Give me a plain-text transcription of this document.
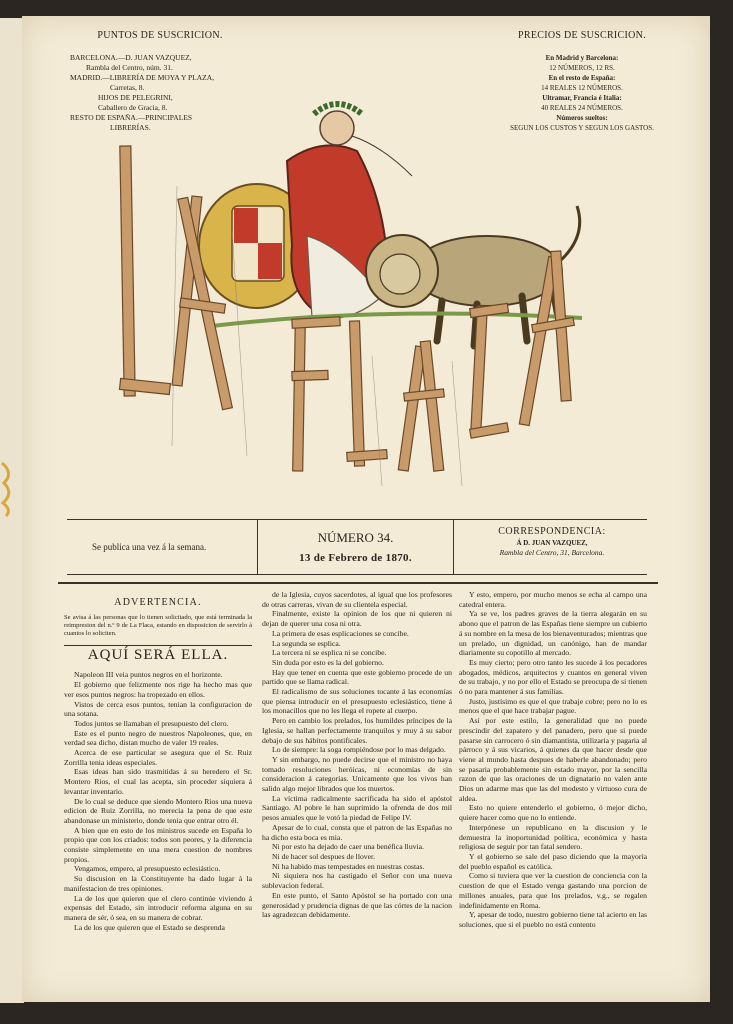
PUNTOS DE SUSCRICION.
BARCELONA.—D. JUAN VAZQUEZ,
Rambla del Centro, núm. 31.
MADRID.—LIBRERÍA DE MOYA Y PLAZA,
Carretas, 8.
HIJOS DE PELEGRINI,
Caballero de Gracia, 8.
RESTO DE ESPAÑA.—PRINCIPALES
LIBRERÍAS.
PRECIOS DE SUSCRICION.
En Madrid y Barcelona:
12 NÚMEROS, 12 RS.
En el resto de España:
14 REALES 12 NÚMEROS.
Ultramar, Francia é Italia:
40 REALES 24 NÚMEROS.
Números sueltos:
SEGUN LOS CUSTOS Y SEGUN LOS GASTOS.
Se publica una vez á la semana.
NÚMERO 34.
13 de Febrero de 1870.
CORRESPONDENCIA:
Á D. JUAN VAZQUEZ,
Rambla del Centro, 31, Barcelona.
ADVERTENCIA.
Se avisa á las personas que lo tienen solicitado, que está terminada la reimpresion del n.º 9 de La Flaca, estando en disposicion de servirlo á cuantos lo soliciten.
AQUÍ SERÁ ELLA.

Napoleon III veia puntos negros en el horizonte.

El gobierno que felizmente nos rige ha hecho mas que ver esos puntos negros: ha tropezado en ellos.

Vistos de cerca esos puntos, tenian la configuracion de una sotana.

Todos juntos se llamaban el presupuesto del clero.

Este es el punto negro de nuestros Napoleones, que, en verdad sea dicho, distan mucho de valer 19 reales.

Acerca de ese particular se asegura que el Sr. Ruiz Zorrilla tenia ideas especiales.

Esas ideas han sido trasmitidas á su heredero el Sr. Montero Rios, el cual las acepta, sin proceder siquiera á levantar inventario.

De lo cual se deduce que siendo Montero Rios una nueva edicion de Ruiz Zorrilla, no merecia la pena de que este abandonase un ministerio, donde tenia que entrar otro él.

A bien que en esto de los ministros sucede en España lo propio que con los criados: todos son peores, y la diferencia consiste simplemente en una mera cuestion de nombres propios.

Vengamos, empero, al presupuesto eclesiástico.

Su discusion en la Constituyente ha dado lugar á la manifestacion de tres opiniones.

La de los que quieren que el clero continúe viviendo á expensas del Estado, sin introducir reforma alguna en su manera de sér, ó sea, en su manera de cobrar.

La de los que quieren que el Estado se desprenda

de la Iglesia, cuyos sacerdotes, al igual que los profesores de otras carreras, vivan de su clientela especial.

Finalmente, existe la opinion de los que ni quieren ni dejan de querer una cosa ni otra.

La primera de esas esplicaciones se concibe.

La segunda se esplica.

La tercera ni se esplica ni se concibe.

Sin duda por esto es la del gobierno.

Hay que tener en cuenta que este gobierno procede de un partido que se llama radical.

El radicalismo de sus soluciones tocante á las economías que piensa introducir en el presupuesto eclesiástico, tiene á los monacillos que no les llega el ropete al cuerpo.

Pero en cambio los prelados, los humildes príncipes de la Iglesia, se hallan perfectamente tranquilos y muy á su sabor debajo de sus hábitos pontificales.

Lo de siempre: la soga rompiéndose por lo mas delgado.

Y sin embargo, no puede decirse que el ministro no haya tomado resoluciones heróicas, ni economías de sin consideracion á categorías. Unicamente que los vivos han salido algo mejor librados que los muertos.

La víctima radicalmente sacrificada ha sido el apóstol Santiago. Al pobre le han suprimido la ofrenda de dos mil pesos anuales que le votó la piedad de Felipe IV.

Apesar de lo cual, consta que el patron de las Españas no ha dicho esta boca es mia.

Ni por esto ha dejado de caer una benéfica lluvia.

Ni de hacer sol despues de llover.

Ni ha habido mas tempestades en nuestras costas.

Ni siquiera nos ha castigado el Señor con una nueva sublevacion federal.

En este punto, el Santo Apóstol se ha portado con una generosidad y prudencia dignas de que las córtes de la nacion las agradezcan debidamente.

Y esto, empero, por mucho menos se echa al campo una catedral entera.

Ya se ve, los padres graves de la tierra alegarán en su abono que el patron de las Españas tiene siempre un cubierto á su nombre en la mesa de los bienaventurados; mientras que un prelado, un dignidad, un canónigo, han de mandar diariamente su copotillo al mercado.

Es muy cierto; pero otro tanto les sucede á los pecadores abogados, médicos, arquitectos y cuantos en general viven de su trabajo, y no por ello el Estado se preocupa de si tienen ó no para mantener á sus familias.

Justo, justísimo es que el que trabaje cobre; pero no lo es menos que el que hace trabajar pague.

Así por este estilo, la generalidad que no puede prescindir del zapatero y del panadero, pero que si puede pasarse sin carrocero ó sin diamantista, utilizaria y pagaria al párroco y á sus vicarios, á quienes da que hacer desde que viene al mundo hasta despues de haberle abandonado; pero se pasaria probablemente sin estado mayor, por la sencilla razon de que las oraciones de un dignatario no valen ante Dios un adarme mas que las del modesto y virtuoso cura de aldea.

Esto no quiere entenderlo el gobierno, ó mejor dicho, quiere hacer como que no lo entiende.

Interpónese un republicano en la discusion y le demuestra la inoportunidad política, económica y hasta religiosa de seguir por tan fatal sendero.

Y el gobierno se sale del paso diciendo que la mayoría del pueblo español es católica.

Como si tuviera que ver la cuestion de conciencia con la cuestion de que el Estado venga gastando una porcion de millones anuales, para que los prelados, v.g., se regalen indefinidamente en Roma.

Y, apesar de todo, nuestro gobierno tiene tal acierto en las soluciones, que si el pueblo no está contento
